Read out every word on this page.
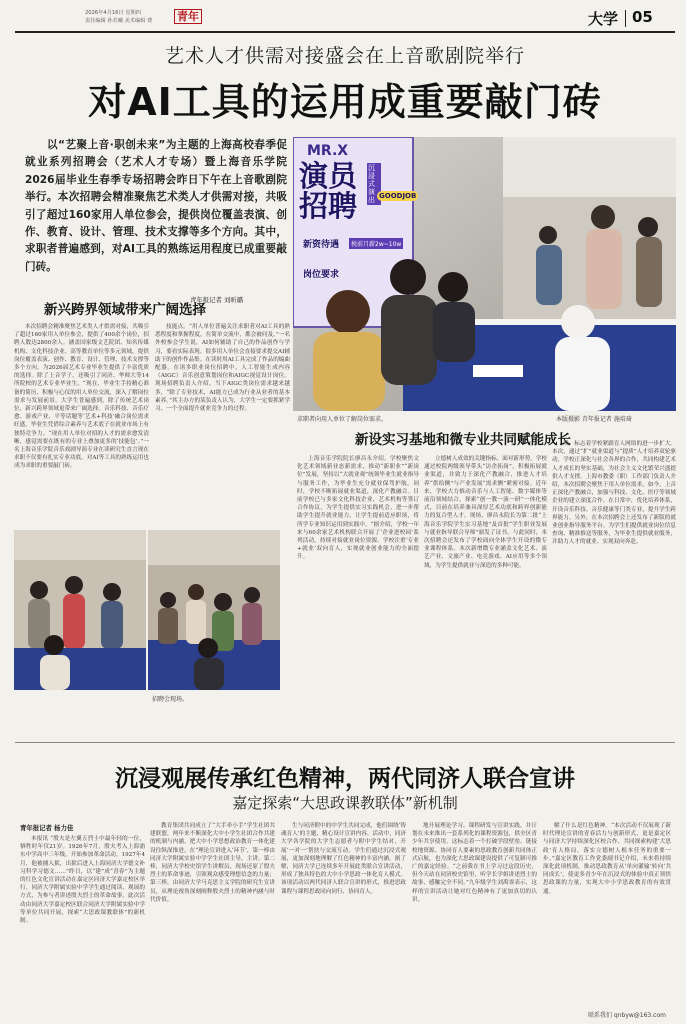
2026年4月16日 星期四
责任编辑 孙若曦 美术编辑 费 青年	大学 05
艺术人才供需对接盛会在上音歌剧院举行
对AI工具的运用成重要敲门砖

以“艺聚上音·职创未来”为主题的上海高校春季促就业系列招聘会（艺术人才专场）暨上海音乐学院2026届毕业生春季专场招聘会昨日下午在上音歌剧院举行。本次招聘会精准聚焦艺术类人才供需对接，共吸引了超过160家用人单位参会，提供岗位覆盖表演、创作、教育、设计、管理、技术支撑等多个方向。其中，求职者普遍感到，对AI工具的熟练运用程度已成重要敲门砖。

青年报记者 刘昕璐
新兴跨界领域带来广阔选择

本次招聘会精准聚焦艺术类人才供需对接，共吸引了超过160家用人单位参会，提供了400余个岗位，招聘人数达2800余人。涵盖国家级文艺院团、知名传媒机构、文化科技企业、高等教育单位等多元领域，提供岗位覆盖表演、创作、教育、设计、管理、技术支撑等多个方向。为2026届艺术专业毕业生提供了丰富优质的选择。除了上音学子，还吸引了同济、华师大等14所院校的艺术专业毕业生。“现在，毕业生手持精心准备的简历，积极与心仪的用人单位交流，深入了解岗位需求与发展前景。大学生普遍感到，除了传统艺术岗位，新兴跨界领域更带来广阔选择。音乐科技、音乐疗愈、游戏产业、平等话题等‘艺术+科技’融合岗位需求旺盛，毕业生凭借综合素养与艺术底子在就业市场上有独特竞争力。“现在用人单位对招的人才的需求愈发清晰，感觉需要在既有的专业上叠加更多的‘技能包’。”一名上海音乐学院音乐戏剧导演专业在读研究生直言现在求职不仅要有扎实专业功底，对AI等工具的熟练运用也成为求职的重要敲门砖。

技能点。“用人单位普遍关注求职者对AI工具的熟悉程度和掌握程度，在简单交流中，都会被问及。”一名外校参会学生说，AI如何辅助了自己的作品创作与学习，要看实际表现。很多用人单位会直接要求提交AI辅助下的创作作品集。在读时用AI工具完成了作品的编曲配器。在诸多职业岗位招聘中，人工智能生成内容（AIGC）音乐创意策划岗位和AIGC视觉设计岗位。现场招聘负责人介绍，当下AIGC类岗位需求越来越多，“除了专业技术，AI能力已成为行业从业者的基本素养。”其主办方的某负责人认为，大学生一定要抓紧学习、一个全面提升就业竞争力的过程。

MR.X
演员招聘
沉浸式演出 GOODJOB
新资待遇	税前月薪2w~10w
岗位要求
求职者向用人单位了解岗位需求。	本版摄影 青年报记者 施培琦
新设实习基地和微专业共同赋能成长
招聘会现场。

上海音乐学院院长廖昌永介绍，学校聚焦文化艺术领域新业态新需求，推动“新职业”“新岗位”发展，坚持以“大就业观”统领毕业生就业指导与服务工作，为毕业生充分就业保驾护航。同时，学校不断拓展就业渠道，深化产教融合。目前学校已与多家文化科技企业、艺术机构等签订合作协议，为学生提供实习实践机会，进一步帮助学生提升就业能力，让学生提前适应职场，将所学专业知识运用到实践中。“据介绍，学校一年来与60余家艺术机构联合开展了‘企业进校园’系列活动，持续对接就业岗位资源。学校注重‘专业+就业’双向育人，实现就业创业能力的全面提升。

立德树人成效的关键指标。面对新形势，学校通过校院两级领导带头“访企拓岗”，积极拓展就业渠道，并致力于深化产教融合，推进人才培养“供给侧”与产业发展“需求侧”紧密对接。近年来，学校大力推动音乐与人工智能、数字媒体等前沿领域结合，探索“创一教一演一研”一体化模式，目前在培养兼具深厚艺术功底和跨界创新能力的复合型人才。现场，廖昌永院长为第二批“上海音乐学院学生实习基地”及首批“学生职业发展与就业指导联合导师”颁发了证书。与此同时，本次招聘会还发布了学校面向全体学生开设的微专业课程体系。本次新增微专业涵盖文化艺术、演艺产业、文旅产业、电竞游戏、AI应用等多个领域，为学生提供就业与深造的多种可能。

成，标志着学校紧跟育人网络的进一步扩大。本次，通过“扩”就业渠道与“提质”人才培养双轮驱动，学校正深化与社会各界的合作，共同构建艺术人才成长的坚实基础，为社会主义文化繁荣兴盛提供人才支撑。上海市教委（职）工作部门负责人介绍，本次招聘会聚焦于用人单位需求，如今，上音正深化产教融合，加强与科技、文化、医疗等领域企业的建立深度合作。在日常中，优化培养体系，开设音乐科技、音乐健康等门类专业，提升学生跨界能力。另外，在本次招聘会上还发布了新版的就业创业指导服务平台。为学生们提供就业岗位信息查询、精准推送等服务，为毕业生提供就业服务，并助力人才的就业、实现双向奔赴。

沉浸观展传承红色精神，两代同济人联合宣讲
嘉定探索“大思政课教联体”新机制
青年报记者 杨力佳

本报讯 “殷夫是左翼五烈士中最年轻的一位，牺牲时年仅21岁。1926年7月，殷夫考入上海浦东中学高中三年级，开始参加革命活动。1927年4月，他被捕入狱，出狱后进入上海同济大学德文补习科学习德文……”昨日，以“建”成“青春”为主题的红色文化宣讲活动在嘉定区同济大学嘉定校区举行。同济大学附属实验中学学生通过阅读、观展的方式，为参与者讲述殷夫烈士的革命故事。此次活动由同济大学嘉定校区联合同济大学附属实验中学等单位共同开展，探索“大思政课教联体”的新机制。

教育集团共同成立了“大手牵小手”学生社团共建联盟，两年来不断深化大中小学生社团合作共建的机制与内涵，把大中小学思想政治教育一体化建设往纵深推进。在“理论宣讲进入‘环节’，第一棒由同济大学附属实验中学学生社团主导，主讲。第二棒，同济大学校史馆学生讲解员，现场还原了殷夫烈士的革命事迹，引领观众感受理想信念的力量；第三棒，由同济大学马克思主义学院的研究生宣讲员，从理论视角深刻阐释殷夫烈士的精神内涵与时代价值。

生与同济附中的中学生共同完成，他们围绕‘铸魂育人’的主题，精心设计宣讲内容。活动中，同济大学各学院的大学生志愿者与附中学生结对，开展‘一对一’帮扶与交流互动。学生们通过沉浸式观展，更加深刻地理解了红色精神的丰富内涵。据了解，同济大学已连续多年开展此类联合宣讲活动，形成了独具特色的大中小学思政一体化育人模式。该项活动以两代同济人联合宣讲的形式，推进思政课程与课程思政同向同行、协同育人。

地开展理论学习、课程研发与宣讲实践，并计划在未来推出一套系列化的课程资源包，供全区青少年共享使用。这标志着一个打破学段壁垒、链接校地资源、协同育人要素的思政教育创新共同体正式启航，也为深化大思政课建设提供了可复制可推广的嘉定经验。“之前我在书上学习过这段历史，但今天站在同济校史馆里，听学长学姐讲述烈士的故事，感触完全不同。”九年级学生刘禹霏表示，这样的宣讲活动让她对红色精神有了更加真切的认识。

解了什么是红色精神。“本次活动不仅展现了新时代理论宣讲的青春活力与创新形式，更是嘉定区与同济大学持续深化区校合作、共同探索构建‘大思政’育人格局，落实立德树人根本任务的重要一步。”嘉定区教育工作党委副书记介绍，未来将持续深化此项机制，推动思政教育从‘单向灌输’转向‘共同成长’，使更多青少年在沉浸式的体验中真正领悟思政课的力量，实现大中小学思政教育的有效贯通。

联系我们 qnbyw@163.com
